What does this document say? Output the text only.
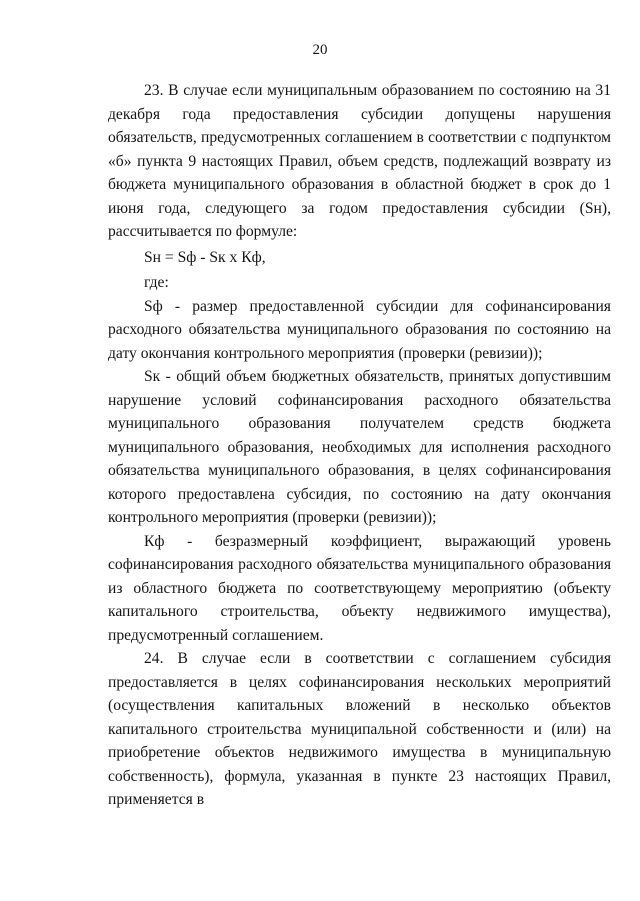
20

23. В случае если муниципальным образованием по состоянию на 31 декабря года предоставления субсидии допущены нарушения обязательств, предусмотренных соглашением в соответствии с подпунктом «б» пункта 9 настоящих Правил, объем средств, подлежащий возврату из бюджета муниципального образования в областной бюджет в срок до 1 июня года, следующего за годом предоставления субсидии (Sн), рассчитывается по формуле:

Sн = Sф - Sк x Кф,

где:

Sф - размер предоставленной субсидии для софинансирования расходного обязательства муниципального образования по состоянию на дату окончания контрольного мероприятия (проверки (ревизии));

Sк - общий объем бюджетных обязательств, принятых допустившим нарушение условий софинансирования расходного обязательства муниципального образования получателем средств бюджета муниципального образования, необходимых для исполнения расходного обязательства муниципального образования, в целях софинансирования которого предоставлена субсидия, по состоянию на дату окончания контрольного мероприятия (проверки (ревизии));

Кф - безразмерный коэффициент, выражающий уровень софинансирования расходного обязательства муниципального образования из областного бюджета по соответствующему мероприятию (объекту капитального строительства, объекту недвижимого имущества), предусмотренный соглашением.

24. В случае если в соответствии с соглашением субсидия предоставляется в целях софинансирования нескольких мероприятий (осуществления капитальных вложений в несколько объектов капитального строительства муниципальной собственности и (или) на приобретение объектов недвижимого имущества в муниципальную собственность), формула, указанная в пункте 23 настоящих Правил, применяется в
